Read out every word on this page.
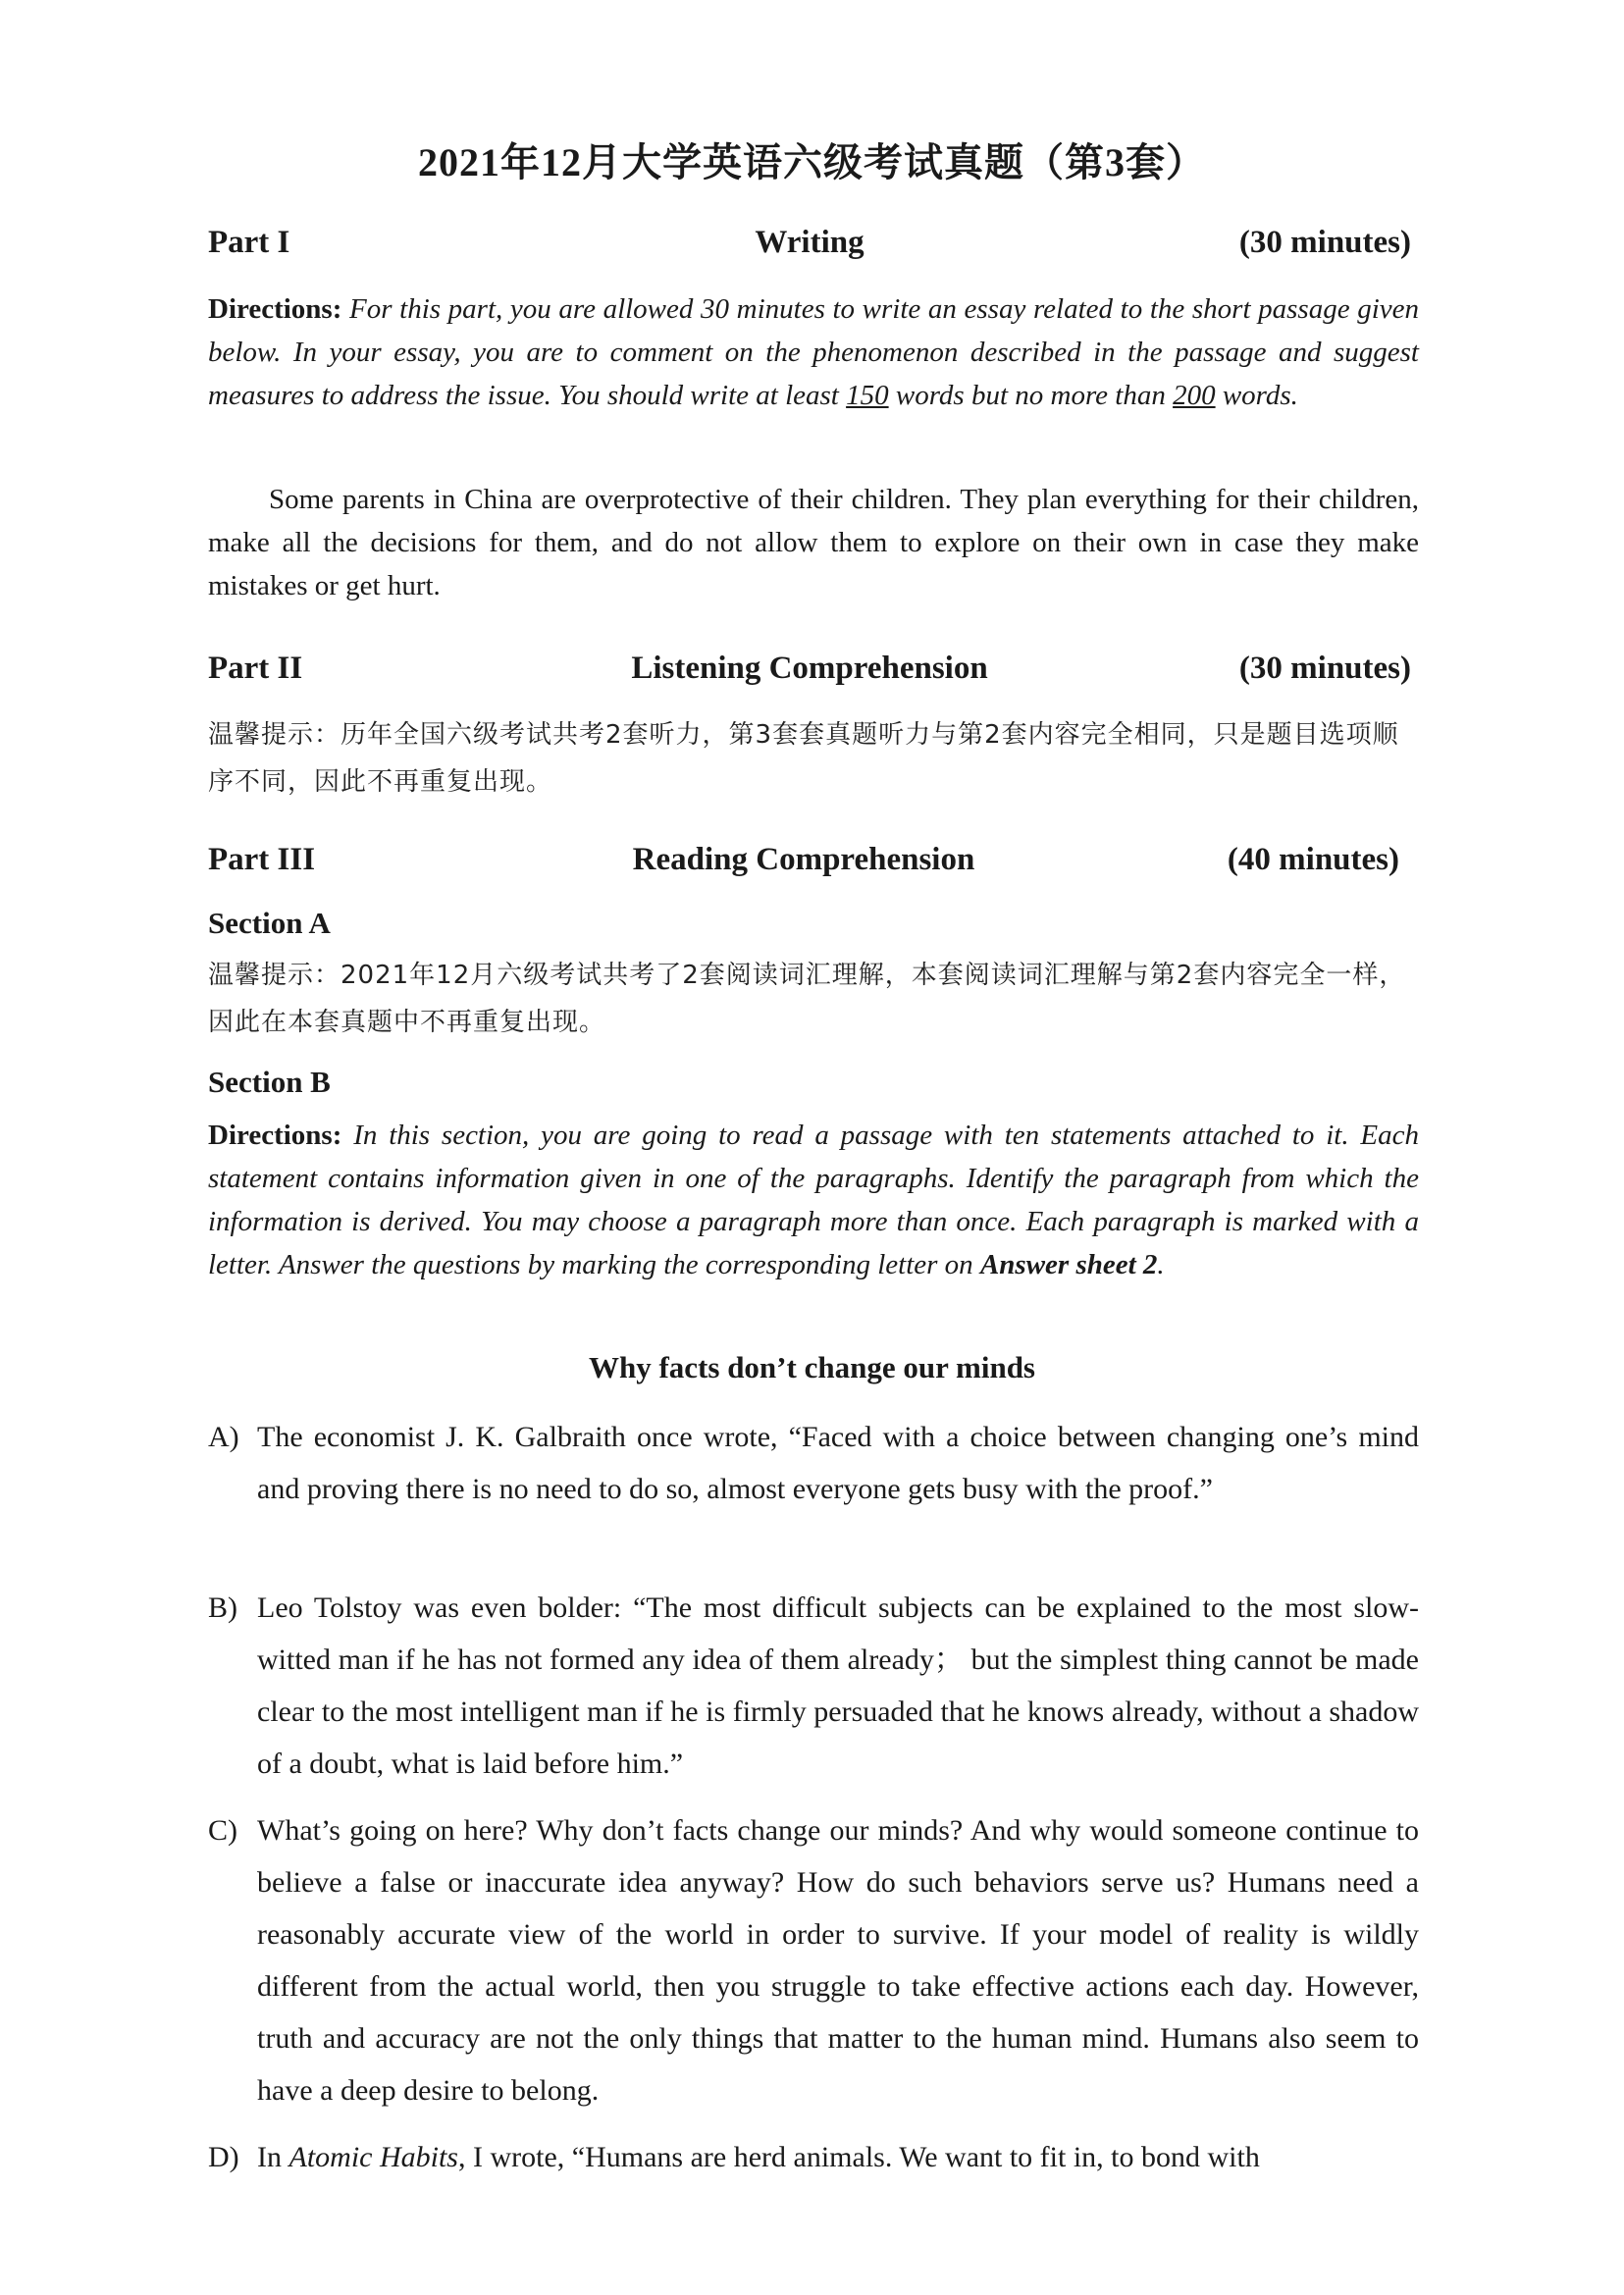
2021年12月大学英语六级考试真题（第3套）
Part I	Writing	(30 minutes)
Directions: For this part, you are allowed 30 minutes to write an essay related to the short passage given below. In your essay, you are to comment on the phenomenon described in the passage and suggest measures to address the issue. You should write at least 150 words but no more than 200 words.
Some parents in China are overprotective of their children. They plan everything for their children, make all the decisions for them, and do not allow them to explore on their own in case they make mistakes or get hurt.
Part II	Listening Comprehension	(30 minutes)
温馨提示：历年全国六级考试共考2套听力，第3套套真题听力与第2套内容完全相同，只是题目选项顺序不同，因此不再重复出现。
Part III	Reading Comprehension	(40 minutes)
Section A
温馨提示：2021年12月六级考试共考了2套阅读词汇理解，本套阅读词汇理解与第2套内容完全一样，因此在本套真题中不再重复出现。
Section B
Directions: In this section, you are going to read a passage with ten statements attached to it. Each statement contains information given in one of the paragraphs. Identify the paragraph from which the information is derived. You may choose a paragraph more than once. Each paragraph is marked with a letter. Answer the questions by marking the corresponding letter on Answer sheet 2.
Why facts don’t change our minds
A) The economist J. K. Galbraith once wrote, “Faced with a choice between changing one’s mind and proving there is no need to do so, almost everyone gets busy with the proof.”
B) Leo Tolstoy was even bolder: “The most difficult subjects can be explained to the most slow-witted man if he has not formed any idea of them already； but the simplest thing cannot be made clear to the most intelligent man if he is firmly persuaded that he knows already, without a shadow of a doubt, what is laid before him.”
C) What’s going on here? Why don’t facts change our minds? And why would someone continue to believe a false or inaccurate idea anyway? How do such behaviors serve us? Humans need a reasonably accurate view of the world in order to survive. If your model of reality is wildly different from the actual world, then you struggle to take effective actions each day. However, truth and accuracy are not the only things that matter to the human mind. Humans also seem to have a deep desire to belong.
D) In Atomic Habits, I wrote, “Humans are herd animals. We want to fit in, to bond with
